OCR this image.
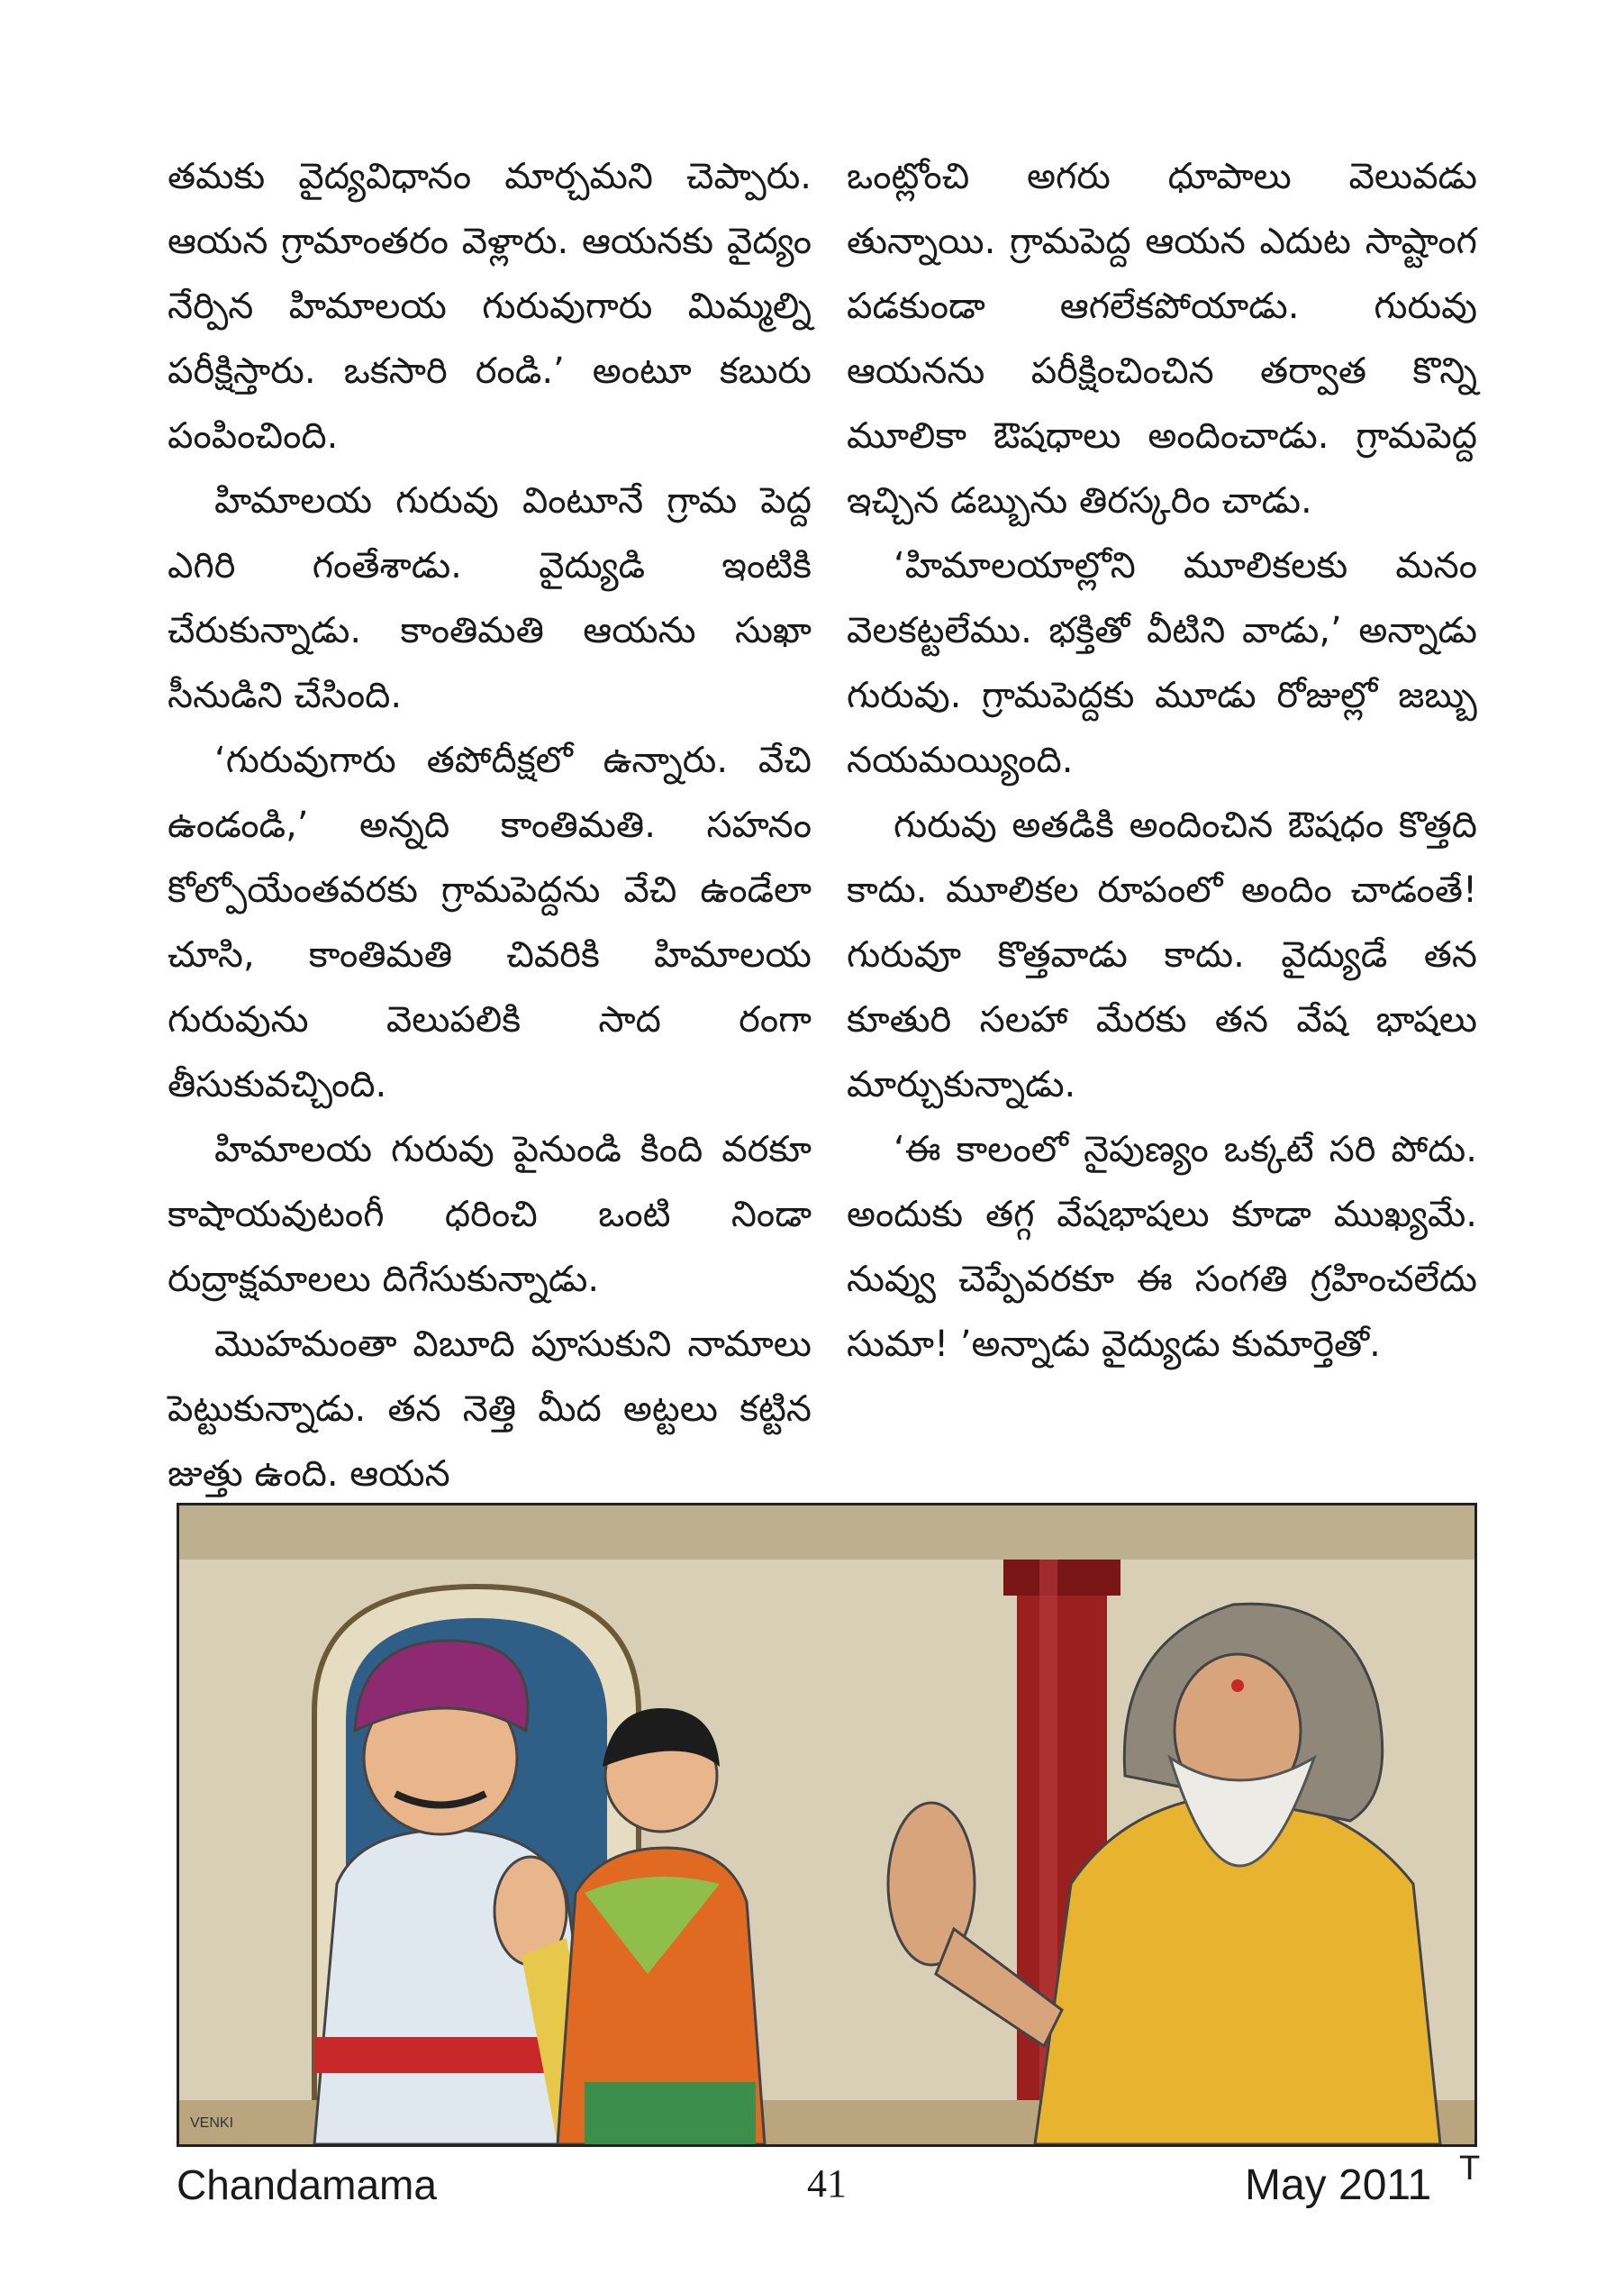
తమకు వైద్యవిధానం మార్చమని చెప్పారు. ఆయన గ్రామాంతరం వెళ్లారు. ఆయనకు వైద్యం నేర్పిన హిమాలయ గురువుగారు మిమ్మల్ని పరీక్షిస్తారు. ఒకసారి రండి.’ అంటూ కబురు పంపించింది.

హిమాలయ గురువు వింటూనే గ్రామ పెద్ద ఎగిరి గంతేశాడు. వైద్యుడి ఇంటికి చేరుకున్నాడు. కాంతిమతి ఆయను సుఖా సీనుడిని చేసింది.

‘గురువుగారు తపోదీక్షలో ఉన్నారు. వేచి ఉండండి,’ అన్నది కాంతిమతి. సహనం కోల్పోయేంతవరకు గ్రామపెద్దను వేచి ఉండేలా చూసి, కాంతిమతి చివరికి హిమాలయ గురువును వెలుపలికి సాద రంగా తీసుకువచ్చింది.

హిమాలయ గురువు పైనుండి కింది వరకూ కాషాయవుటంగీ ధరించి ఒంటి నిండా రుద్రాక్షమాలలు దిగేసుకున్నాడు.

మొహమంతా విబూది పూసుకుని నామాలు పెట్టుకున్నాడు. తన నెత్తి మీద అట్టలు కట్టిన జుత్తు ఉంది. ఆయన

ఒంట్లోంచి అగరు ధూపాలు వెలువడు తున్నాయి. గ్రామపెద్ద ఆయన ఎదుట సాష్టాంగ పడకుండా ఆగలేకపోయాడు. గురువు ఆయనను పరీక్షించించిన తర్వాత కొన్ని మూలికా ఔషధాలు అందించాడు. గ్రామపెద్ద ఇచ్చిన డబ్బును తిరస్కరిం చాడు.

‘హిమాలయాల్లోని మూలికలకు మనం వెలకట్టలేము. భక్తితో వీటిని వాడు,’ అన్నాడు గురువు. గ్రామపెద్దకు మూడు రోజుల్లో జబ్బు నయమయ్యింది.

గురువు అతడికి అందించిన ఔషధం కొత్తది కాదు. మూలికల రూపంలో అందిం చాడంతే! గురువూ కొత్తవాడు కాదు. వైద్యుడే తన కూతురి సలహా మేరకు తన వేష భాషలు మార్చుకున్నాడు.

‘ఈ కాలంలో నైపుణ్యం ఒక్కటే సరి పోదు. అందుకు తగ్గ వేషభాషలు కూడా ముఖ్యమే. నువ్వు చెప్పేవరకూ ఈ సంగతి గ్రహించలేదు సుమా! ’అన్నాడు వైద్యుడు కుమార్తెతో.

VENKI
Chandamama	41	May 2011 T
